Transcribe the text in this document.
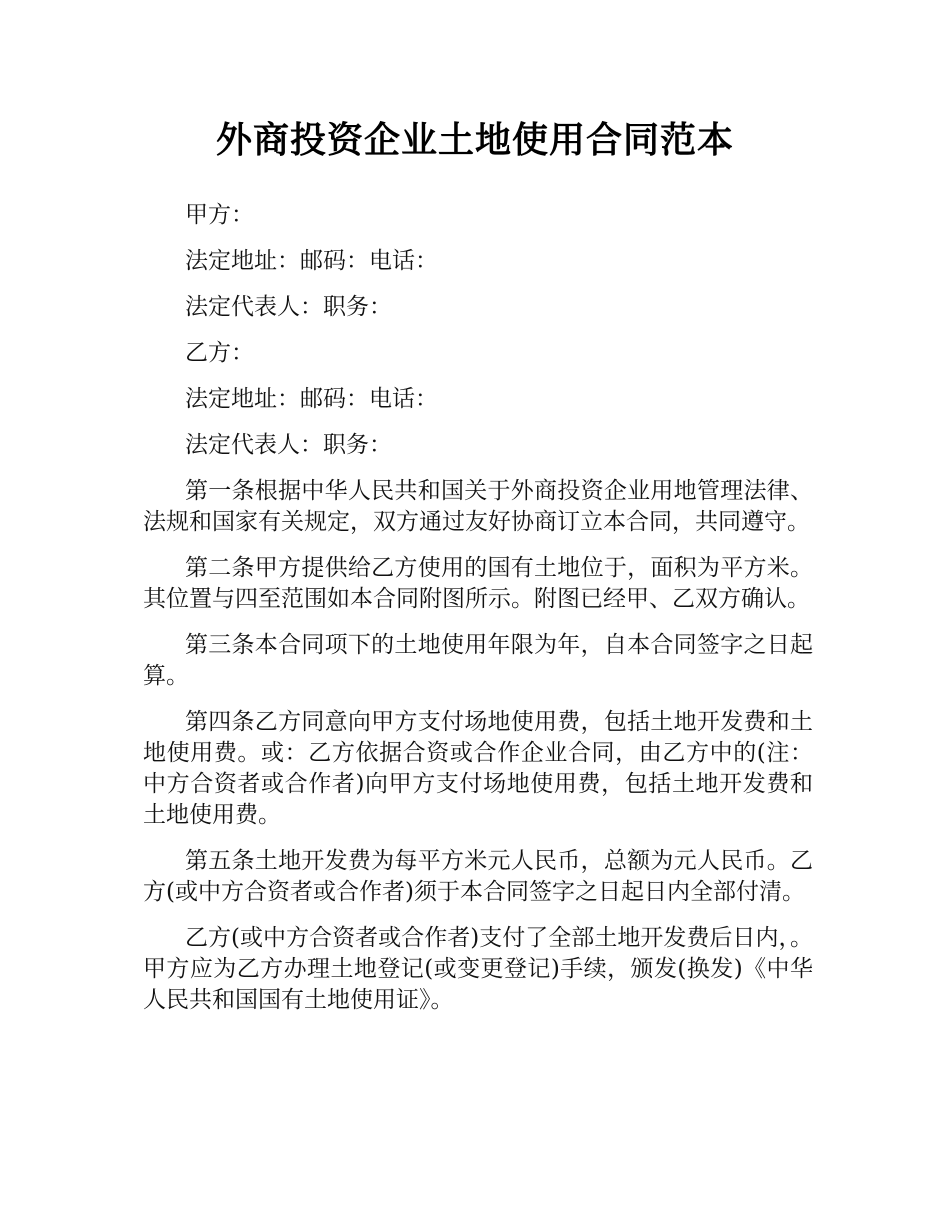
外商投资企业土地使用合同范本
甲方：
法定地址：邮码：电话：
法定代表人：职务：
乙方：
法定地址：邮码：电话：
法定代表人：职务：

第一条根据中华人民共和国关于外商投资企业用地管理法律、法规和国家有关规定，双方通过友好协商订立本合同，共同遵守。

第二条甲方提供给乙方使用的国有土地位于，面积为平方米。其位置与四至范围如本合同附图所示。附图已经甲、乙双方确认。

第三条本合同项下的土地使用年限为年，自本合同签字之日起算。

第四条乙方同意向甲方支付场地使用费，包括土地开发费和土地使用费。或：乙方依据合资或合作企业合同，由乙方中的(注：中方合资者或合作者)向甲方支付场地使用费，包括土地开发费和土地使用费。

第五条土地开发费为每平方米元人民币，总额为元人民币。乙方(或中方合资者或合作者)须于本合同签字之日起日内全部付清。

乙方(或中方合资者或合作者)支付了全部土地开发费后日内，。甲方应为乙方办理土地登记(或变更登记)手续，颁发(换发)《中华人民共和国国有土地使用证》。
